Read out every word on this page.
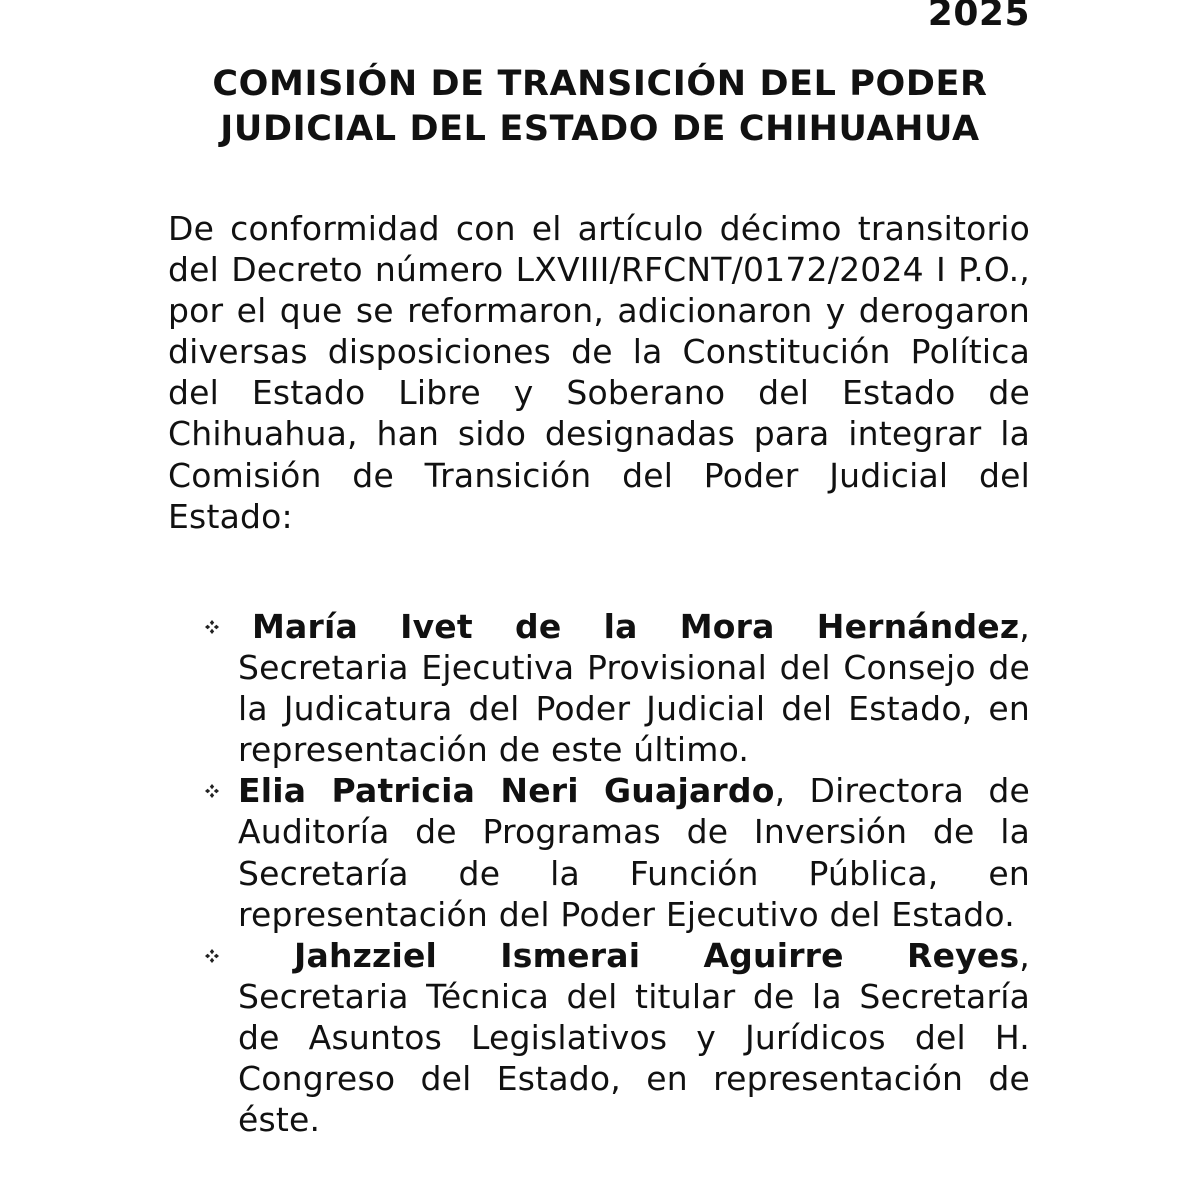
2025
COMISIÓN DE TRANSICIÓN DEL PODER
JUDICIAL DEL ESTADO DE CHIHUAHUA

De conformidad con el artículo décimo transitorio del Decreto número LXVIII/RFCNT/0172/2024 I P.O., por el que se reformaron, adicionaron y derogaron diversas disposiciones de la Constitución Política del Estado Libre y Soberano del Estado de Chihuahua, han sido designadas para integrar la Comisión de Transición del Poder Judicial del Estado:

María Ivet de la Mora Hernández, Secretaria Ejecutiva Provisional del Consejo de la Judicatura del Poder Judicial del Estado, en representación de este último.
Elia Patricia Neri Guajardo, Directora de Auditoría de Programas de Inversión de la Secretaría de la Función Pública, en representación del Poder Ejecutivo del Estado.
Jahzziel Ismerai Aguirre Reyes, Secretaria Técnica del titular de la Secretaría de Asuntos Legislativos y Jurídicos del H. Congreso del Estado, en representación de éste.
